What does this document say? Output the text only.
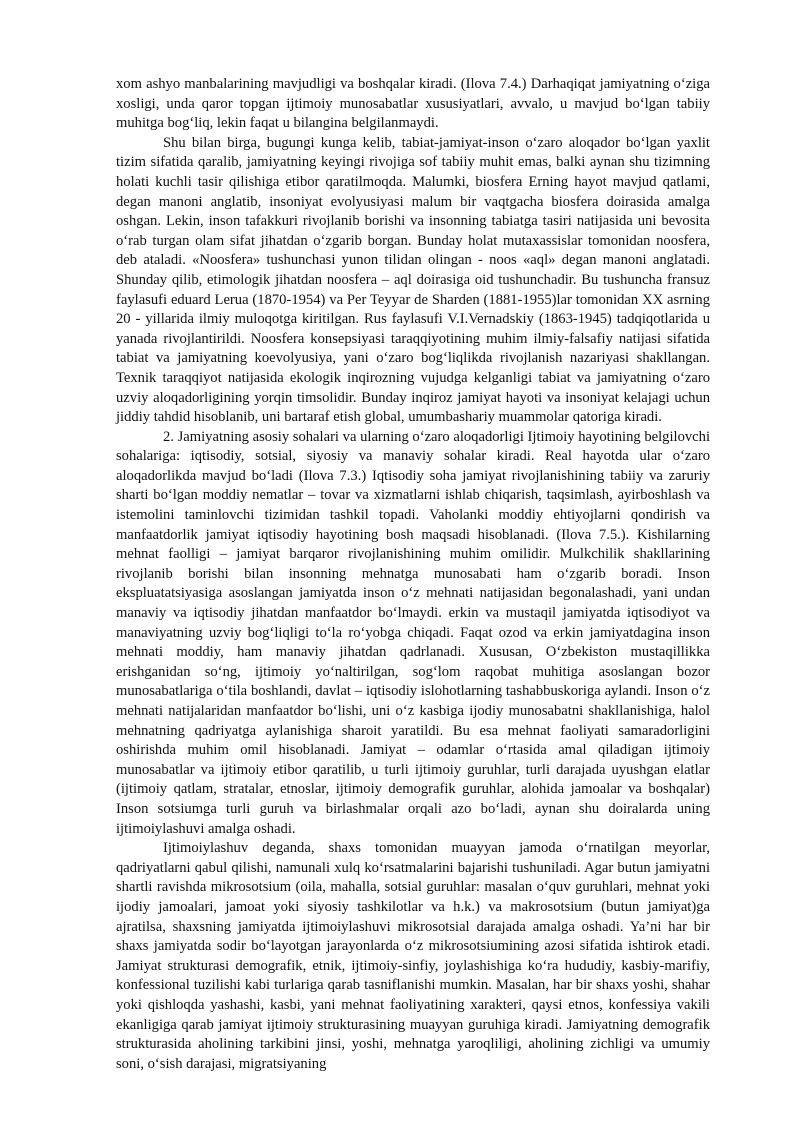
xom ashyo manbalarining mavjudligi va boshqalar kiradi. (Ilova 7.4.) Darhaqiqat jamiyatning oʻziga xosligi, unda qaror topgan ijtimoiy munosabatlar xususiyatlari, avvalo, u mavjud boʻlgan tabiiy muhitga bogʻliq, lekin faqat u bilangina belgilanmaydi.

Shu bilan birga, bugungi kunga kelib, tabiat-jamiyat-inson oʻzaro aloqador boʻlgan yaxlit tizim sifatida qaralib, jamiyatning keyingi rivojiga sof tabiiy muhit emas, balki aynan shu tizimning holati kuchli tasir qilishiga etibor qaratilmoqda. Malumki, biosfera Erning hayot mavjud qatlami, degan manoni anglatib, insoniyat evolyusiyasi malum bir vaqtgacha biosfera doirasida amalga oshgan. Lekin, inson tafakkuri rivojlanib borishi va insonning tabiatga tasiri natijasida uni bevosita oʻrab turgan olam sifat jihatdan oʻzgarib borgan. Bunday holat mutaxassislar tomonidan noosfera, deb ataladi. «Noosfera» tushunchasi yunon tilidan olingan - noos «aql» degan manoni anglatadi. Shunday qilib, etimologik jihatdan noosfera – aql doirasiga oid tushunchadir. Bu tushuncha fransuz faylasufi eduard Lerua (1870-1954) va Per Teyyar de Sharden (1881-1955)lar tomonidan XX asrning 20 - yillarida ilmiy muloqotga kiritilgan. Rus faylasufi V.I.Vernadskiy (1863-1945) tadqiqotlarida u yanada rivojlantirildi. Noosfera konsepsiyasi taraqqiyotining muhim ilmiy-falsafiy natijasi sifatida tabiat va jamiyatning koevolyusiya, yani oʻzaro bogʻliqlikda rivojlanish nazariyasi shakllangan. Texnik taraqqiyot natijasida ekologik inqirozning vujudga kelganligi tabiat va jamiyatning oʻzaro uzviy aloqadorligining yorqin timsolidir. Bunday inqiroz jamiyat hayoti va insoniyat kelajagi uchun jiddiy tahdid hisoblanib, uni bartaraf etish global, umumbashariy muammolar qatoriga kiradi.

2. Jamiyatning asosiy sohalari va ularning oʻzaro aloqadorligi Ijtimoiy hayotining belgilovchi sohalariga: iqtisodiy, sotsial, siyosiy va manaviy sohalar kiradi. Real hayotda ular oʻzaro aloqadorlikda mavjud boʻladi (Ilova 7.3.) Iqtisodiy soha jamiyat rivojlanishining tabiiy va zaruriy sharti boʻlgan moddiy nematlar – tovar va xizmatlarni ishlab chiqarish, taqsimlash, ayirboshlash va istemolini taminlovchi tizimidan tashkil topadi. Vaholanki moddiy ehtiyojlarni qondirish va manfaatdorlik jamiyat iqtisodiy hayotining bosh maqsadi hisoblanadi. (Ilova 7.5.). Kishilarning mehnat faolligi – jamiyat barqaror rivojlanishining muhim omilidir. Mulkchilik shakllarining rivojlanib borishi bilan insonning mehnatga munosabati ham oʻzgarib boradi. Inson ekspluatatsiyasiga asoslangan jamiyatda inson oʻz mehnati natijasidan begonalashadi, yani undan manaviy va iqtisodiy jihatdan manfaatdor boʻlmaydi. erkin va mustaqil jamiyatda iqtisodiyot va manaviyatning uzviy bogʻliqligi toʻla roʻyobga chiqadi. Faqat ozod va erkin jamiyatdagina inson mehnati moddiy, ham manaviy jihatdan qadrlanadi. Xususan, Oʻzbekiston mustaqillikka erishganidan soʻng, ijtimoiy yoʻnaltirilgan, sogʻlom raqobat muhitiga asoslangan bozor munosabatlariga oʻtila boshlandi, davlat – iqtisodiy islohotlarning tashabbuskoriga aylandi. Inson oʻz mehnati natijalaridan manfaatdor boʻlishi, uni oʻz kasbiga ijodiy munosabatni shakllanishiga, halol mehnatning qadriyatga aylanishiga sharoit yaratildi. Bu esa mehnat faoliyati samaradorligini oshirishda muhim omil hisoblanadi. Jamiyat – odamlar oʻrtasida amal qiladigan ijtimoiy munosabatlar va ijtimoiy etibor qaratilib, u turli ijtimoiy guruhlar, turli darajada uyushgan elatlar (ijtimoiy qatlam, stratalar, etnoslar, ijtimoiy demografik guruhlar, alohida jamoalar va boshqalar) Inson sotsiumga turli guruh va birlashmalar orqali azo boʻladi, aynan shu doiralarda uning ijtimoiylashuvi amalga oshadi.

Ijtimoiylashuv deganda, shaxs tomonidan muayyan jamoda oʻrnatilgan meyorlar, qadriyatlarni qabul qilishi, namunali xulq koʻrsatmalarini bajarishi tushuniladi. Agar butun jamiyatni shartli ravishda mikrosotsium (oila, mahalla, sotsial guruhlar: masalan oʻquv guruhlari, mehnat yoki ijodiy jamoalari, jamoat yoki siyosiy tashkilotlar va h.k.) va makrosotsium (butun jamiyat)ga ajratilsa, shaxsning jamiyatda ijtimoiylashuvi mikrosotsial darajada amalga oshadi. Ya’ni har bir shaxs jamiyatda sodir boʻlayotgan jarayonlarda oʻz mikrosotsiumining azosi sifatida ishtirok etadi. Jamiyat strukturasi demografik, etnik, ijtimoiy-sinfiy, joylashishiga koʻra hududiy, kasbiy-marifiy, konfessional tuzilishi kabi turlariga qarab tasniflanishi mumkin. Masalan, har bir shaxs yoshi, shahar yoki qishloqda yashashi, kasbi, yani mehnat faoliyatining xarakteri, qaysi etnos, konfessiya vakili ekanligiga qarab jamiyat ijtimoiy strukturasining muayyan guruhiga kiradi. Jamiyatning demografik strukturasida aholining tarkibini jinsi, yoshi, mehnatga yaroqliligi, aholining zichligi va umumiy soni, oʻsish darajasi, migratsiyaning
